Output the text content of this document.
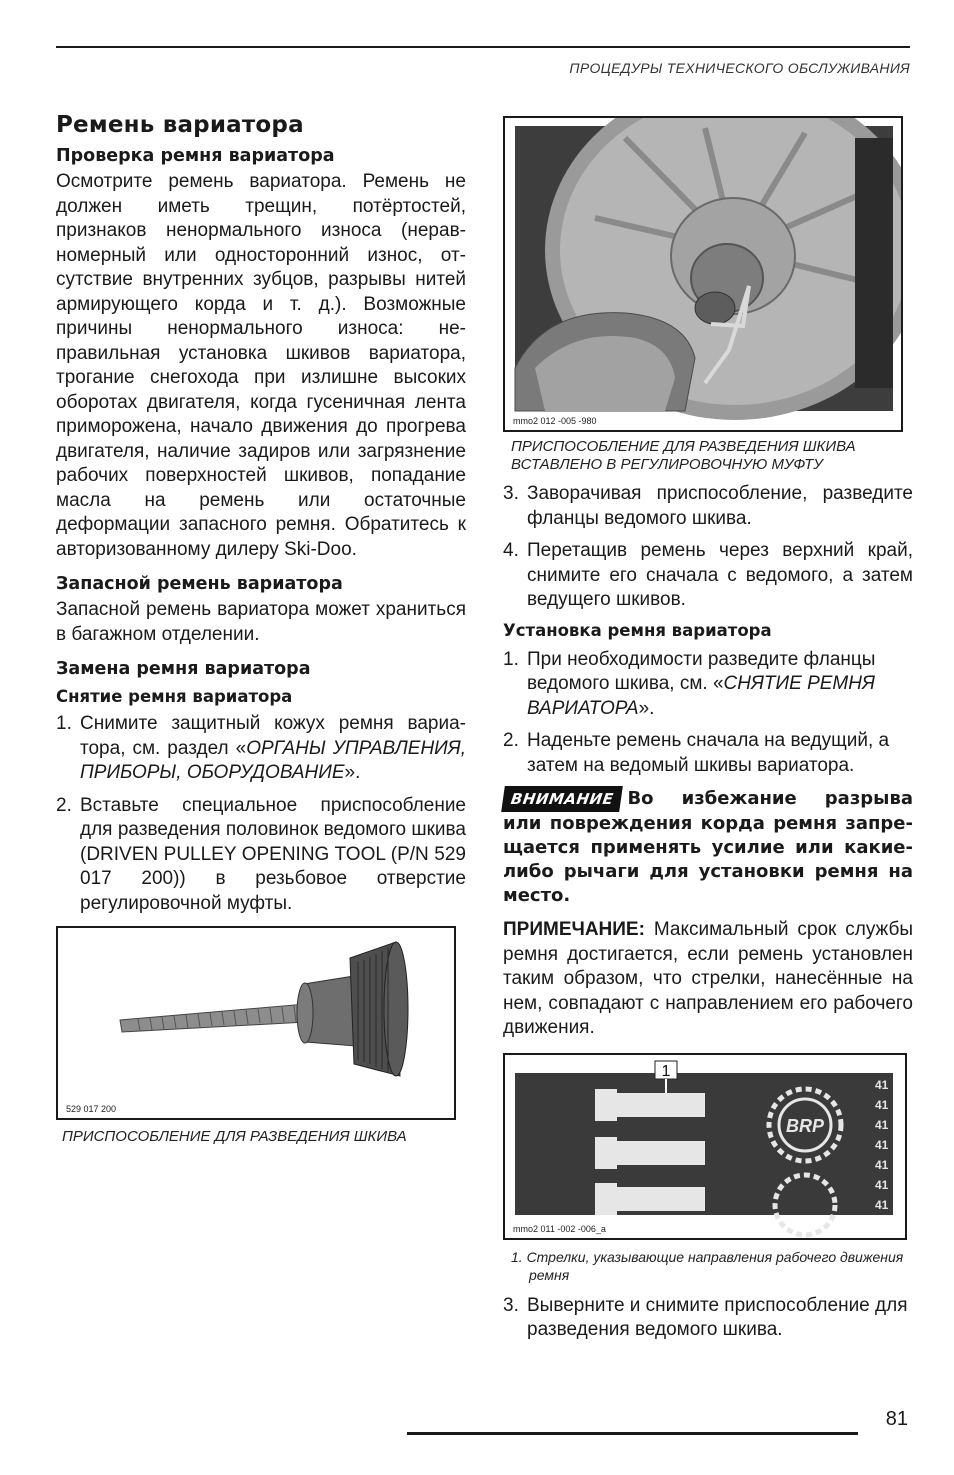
ПРОЦЕДУРЫ ТЕХНИЧЕСКОГО ОБСЛУЖИВАНИЯ
Ремень вариатора
Проверка ремня вариатора

Осмотрите ремень вариатора. Ремень не должен иметь трещин, потёртостей, признаков ненормального износа (неравномерный или односторонний износ, отсутствие внутренних зубцов, разрывы нитей армирующего корда и т. д.). Возможные причины ненормального износа: неправильная установка шкивов вариатора, трогание снегохода при излишне высоких оборотах двигателя, когда гусеничная лента приморожена, начало движения до прогрева двигателя, наличие задиров или загрязнение рабочих поверхностей шкивов, попадание масла на ремень или остаточные деформации запасного ремня. Обратитесь к авторизованному дилеру Ski-Doo.

Запасной ремень вариатора

Запасной ремень вариатора может храниться в багажном отделении.

Замена ремня вариатора
Снятие ремня вариатора
1. Снимите защитный кожух ремня вариатора, см. раздел «ОРГАНЫ УПРАВЛЕНИЯ, ПРИБОРЫ, ОБОРУДОВАНИЕ».
2. Вставьте специальное приспособление для разведения половинок ведомого шкива (DRIVEN PULLEY OPENING TOOL (P/N 529 017 200)) в резьбовое отверстие регулировочной муфты.
529 017 200
ПРИСПОСОБЛЕНИЕ ДЛЯ РАЗВЕДЕНИЯ ШКИВА
mmo2 012 -005 -980
ПРИСПОСОБЛЕНИЕ ДЛЯ РАЗВЕДЕНИЯ ШКИВА ВСТАВЛЕНО В РЕГУЛИРОВОЧНУЮ МУФТУ
3. Заворачивая приспособление, разведите фланцы ведомого шкива.
4. Перетащив ремень через верхний край, снимите его сначала с ведомого, а затем ведущего шкивов.
Установка ремня вариатора
1. При необходимости разведите фланцы ведомого шкива, см. «СНЯТИЕ РЕМНЯ ВАРИАТОРА».
2. Наденьте ремень сначала на ведущий, а затем на ведомый шкивы вариатора.
ВНИМАНИЕ Во избежание разрыва или повреждения корда ремня запрещается применять усилие или какие-либо рычаги для установки ремня на место.

ПРИМЕЧАНИЕ: Максимальный срок службы ремня достигается, если ремень установлен таким образом, что стрелки, нанесённые на нем, совпадают с направлением его рабочего движения.

1
ROTATION
ROTATION
ROTATION
BRP
41
41
41
41
41
41
41
mmo2 011 -002 -006_a
1. Стрелки, указывающие направления рабочего движения ремня
3. Выверните и снимите приспособление для разведения ведомого шкива.
81
